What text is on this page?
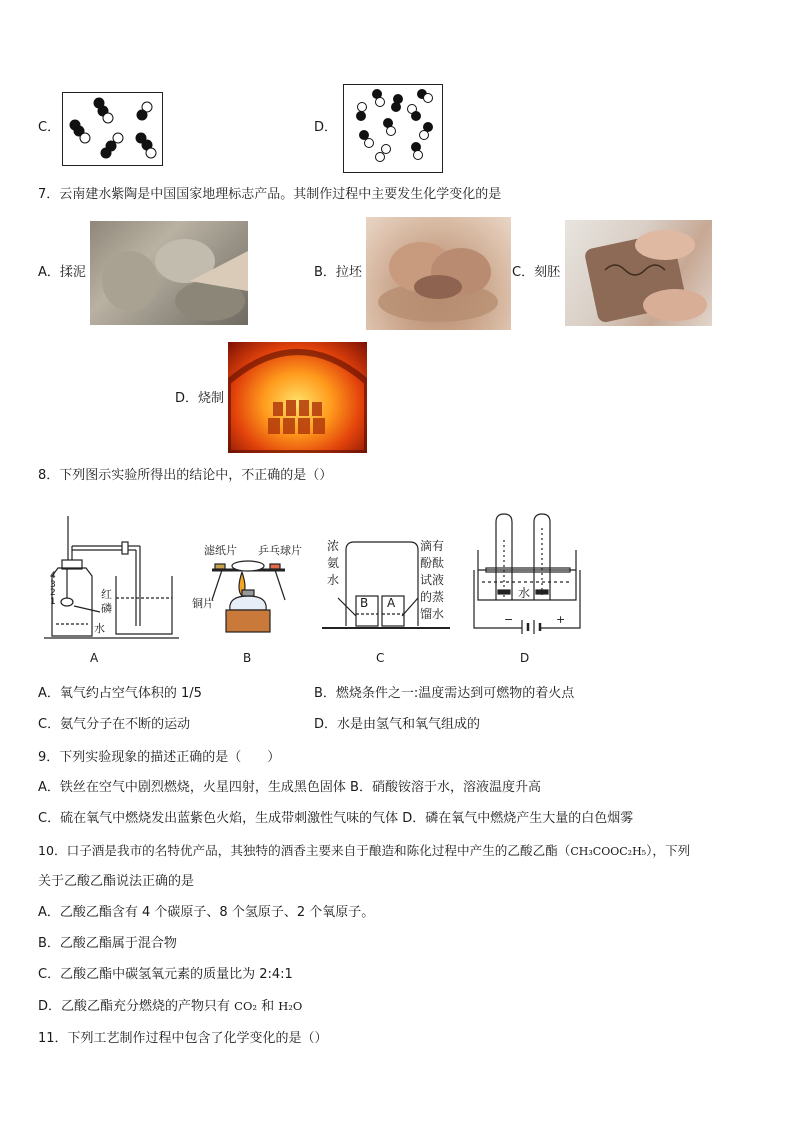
C．	D．
7．云南建水紫陶是中国国家地理标志产品。其制作过程中主要发生化学变化的是
A．揉泥	B．拉坯	C．刻胚
D．烧制
8．下列图示实验所得出的结论中，不正确的是（）
4
3
2
1
红
磷
水
A
滤纸片 乒乓球片
铜片
B
浓
氨
水
B A
滴有
酚酞
试液
的蒸
馏水
C
水
−	+
D
A．氧气约占空气体积的 1/5	B．燃烧条件之一:温度需达到可燃物的着火点
C．氨气分子在不断的运动	D．水是由氢气和氧气组成的
9．下列实验现象的描述正确的是（　　）
A．铁丝在空气中剧烈燃烧，火星四射，生成黑色固体 B．硝酸铵溶于水，溶液温度升高
C．硫在氧气中燃烧发出蓝紫色火焰，生成带刺激性气味的气体 D．磷在氧气中燃烧产生大量的白色烟雾
10．口子酒是我市的名特优产品，其独特的酒香主要来自于酿造和陈化过程中产生的乙酸乙酯（CH₃COOC₂H₅），下列
关于乙酸乙酯说法正确的是
A．乙酸乙酯含有 4 个碳原子、8 个氢原子、2 个氧原子。
B．乙酸乙酯属于混合物
C．乙酸乙酯中碳氢氧元素的质量比为 2:4:1
D．乙酸乙酯充分燃烧的产物只有 CO₂ 和 H₂O
11．下列工艺制作过程中包含了化学变化的是（）
